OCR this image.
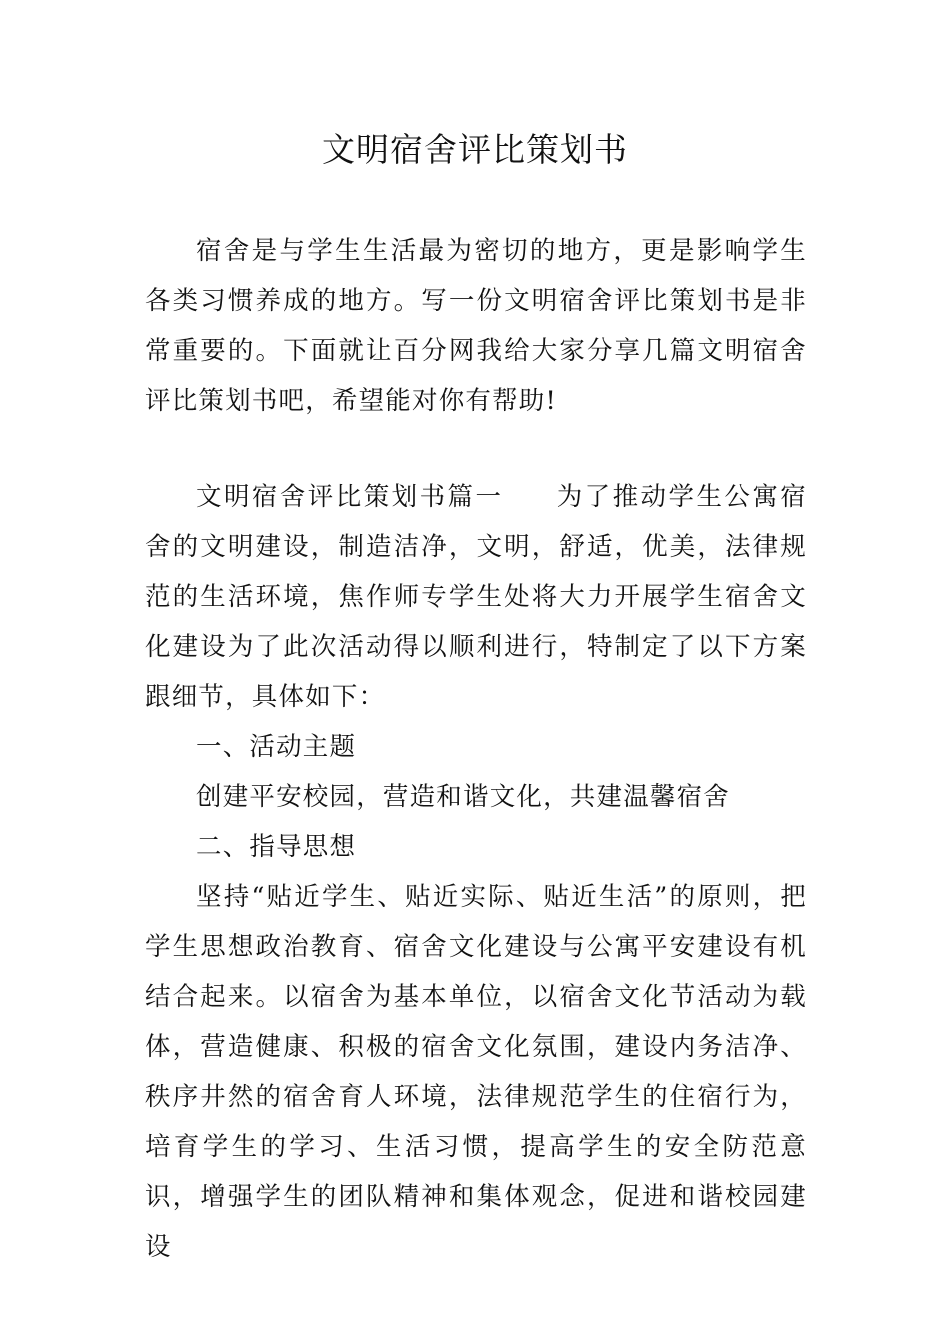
文明宿舍评比策划书

宿舍是与学生生活最为密切的地方，更是影响学生各类习惯养成的地方。写一份文明宿舍评比策划书是非常重要的。下面就让百分网我给大家分享几篇文明宿舍评比策划书吧，希望能对你有帮助!

文明宿舍评比策划书篇一 为了推动学生公寓宿舍的文明建设，制造洁净，文明，舒适，优美，法律规范的生活环境，焦作师专学生处将大力开展学生宿舍文化建设为了此次活动得以顺利进行，特制定了以下方案跟细节，具体如下：

一、活动主题

创建平安校园，营造和谐文化，共建温馨宿舍

二、指导思想

坚持“贴近学生、贴近实际、贴近生活”的原则，把学生思想政治教育、宿舍文化建设与公寓平安建设有机结合起来。以宿舍为基本单位，以宿舍文化节活动为载体，营造健康、积极的宿舍文化氛围，建设内务洁净、秩序井然的宿舍育人环境，法律规范学生的住宿行为，培育学生的学习、生活习惯，提高学生的安全防范意识，增强学生的团队精神和集体观念，促进和谐校园建设
